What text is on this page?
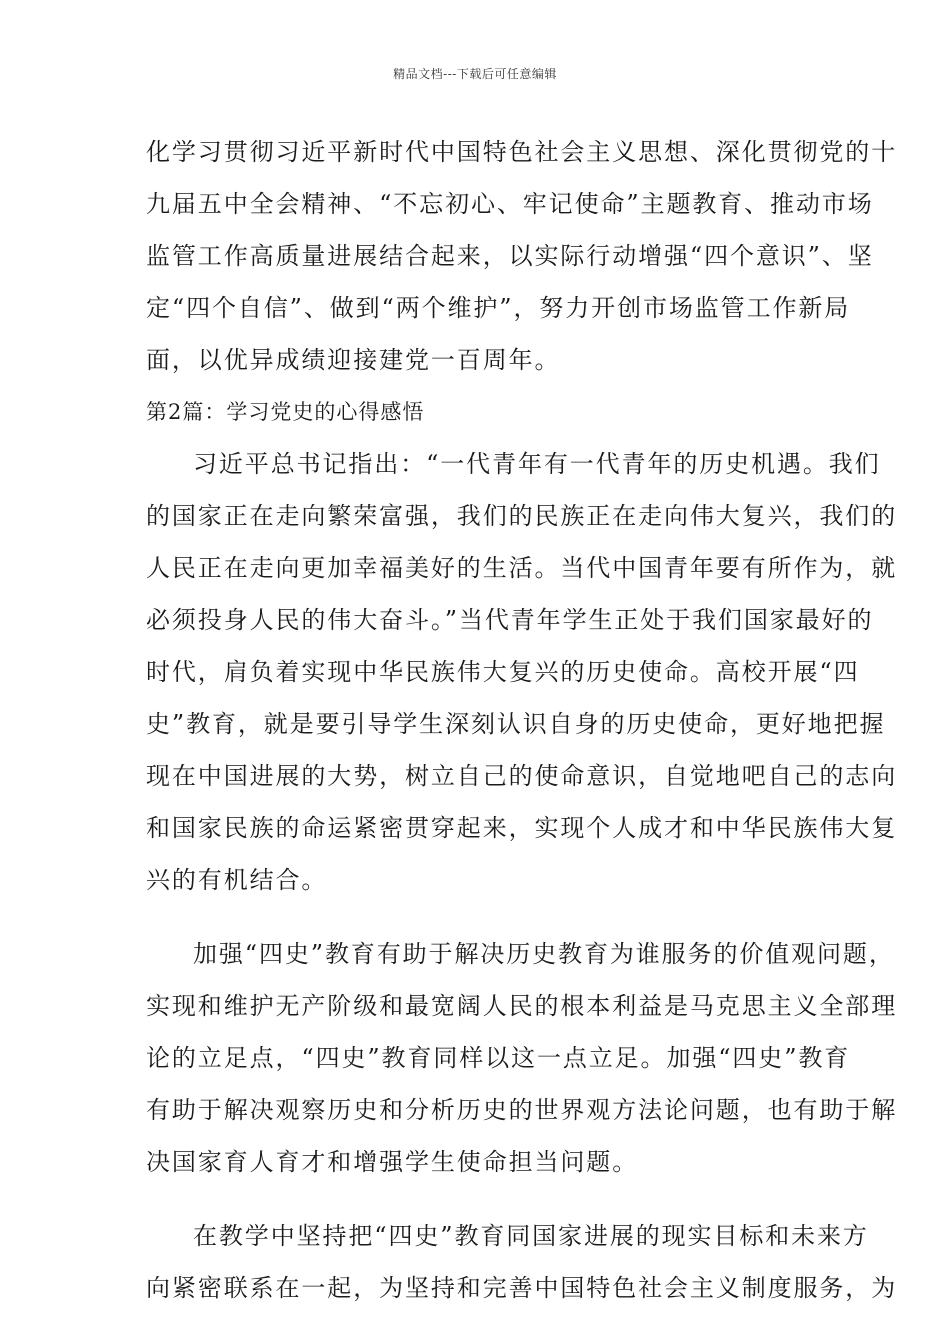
精品文档---下载后可任意编辑
化学习贯彻习近平新时代中国特色社会主义思想、深化贯彻党的十
九届五中全会精神、“不忘初心、牢记使命”主题教育、推动市场
监管工作高质量进展结合起来，以实际行动增强“四个意识”、坚
定“四个自信”、做到“两个维护”，努力开创市场监管工作新局
面，以优异成绩迎接建党一百周年。
第2篇：学习党史的心得感悟
习近平总书记指出：“一代青年有一代青年的历史机遇。我们
的国家正在走向繁荣富强，我们的民族正在走向伟大复兴，我们的
人民正在走向更加幸福美好的生活。当代中国青年要有所作为，就
必须投身人民的伟大奋斗。”当代青年学生正处于我们国家最好的
时代，肩负着实现中华民族伟大复兴的历史使命。高校开展“四
史”教育，就是要引导学生深刻认识自身的历史使命，更好地把握
现在中国进展的大势，树立自己的使命意识，自觉地吧自己的志向
和国家民族的命运紧密贯穿起来，实现个人成才和中华民族伟大复
兴的有机结合。
加强“四史”教育有助于解决历史教育为谁服务的价值观问题，
实现和维护无产阶级和最宽阔人民的根本利益是马克思主义全部理
论的立足点，“四史”教育同样以这一点立足。加强“四史”教育
有助于解决观察历史和分析历史的世界观方法论问题，也有助于解
决国家育人育才和增强学生使命担当问题。
在教学中坚持把“四史”教育同国家进展的现实目标和未来方
向紧密联系在一起，为坚持和完善中国特色社会主义制度服务，为
